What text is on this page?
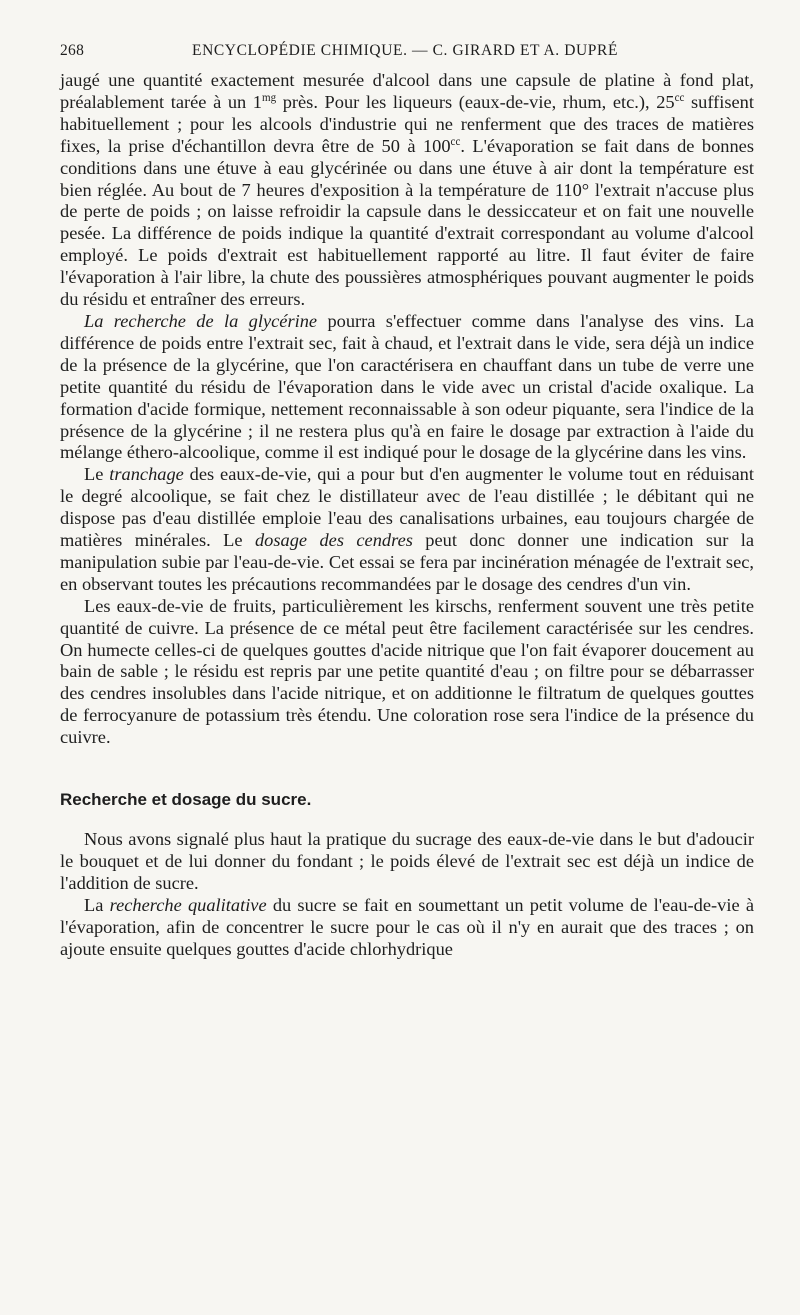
268	ENCYCLOPÉDIE CHIMIQUE. — C. GIRARD ET A. DUPRÉ

jaugé une quantité exactement mesurée d'alcool dans une capsule de platine à fond plat, préalablement tarée à un $1^{mg}$ près. Pour les liqueurs (eaux-de-vie, rhum, etc.), $25^{cc}$ suffisent habituellement ; pour les alcools d'industrie qui ne renferment que des traces de matières fixes, la prise d'échantillon devra être de 50 à $100^{cc}$. L'évaporation se fait dans de bonnes conditions dans une étuve à eau glycérinée ou dans une étuve à air dont la température est bien réglée. Au bout de 7 heures d'exposition à la température de 110° l'extrait n'accuse plus de perte de poids ; on laisse refroidir la capsule dans le dessiccateur et on fait une nouvelle pesée. La différence de poids indique la quantité d'extrait correspondant au volume d'alcool employé. Le poids d'extrait est habituellement rapporté au litre. Il faut éviter de faire l'évaporation à l'air libre, la chute des poussières atmosphériques pouvant augmenter le poids du résidu et entraîner des erreurs.

La recherche de la glycérine pourra s'effectuer comme dans l'analyse des vins. La différence de poids entre l'extrait sec, fait à chaud, et l'extrait dans le vide, sera déjà un indice de la présence de la glycérine, que l'on caractérisera en chauffant dans un tube de verre une petite quantité du résidu de l'évaporation dans le vide avec un cristal d'acide oxalique. La formation d'acide formique, nettement reconnaissable à son odeur piquante, sera l'indice de la présence de la glycérine ; il ne restera plus qu'à en faire le dosage par extraction à l'aide du mélange éthero-alcoolique, comme il est indiqué pour le dosage de la glycérine dans les vins.

Le tranchage des eaux-de-vie, qui a pour but d'en augmenter le volume tout en réduisant le degré alcoolique, se fait chez le distillateur avec de l'eau distillée ; le débitant qui ne dispose pas d'eau distillée emploie l'eau des canalisations urbaines, eau toujours chargée de matières minérales. Le dosage des cendres peut donc donner une indication sur la manipulation subie par l'eau-de-vie. Cet essai se fera par incinération ménagée de l'extrait sec, en observant toutes les précautions recommandées par le dosage des cendres d'un vin.

Les eaux-de-vie de fruits, particulièrement les kirschs, renferment souvent une très petite quantité de cuivre. La présence de ce métal peut être facilement caractérisée sur les cendres. On humecte celles-ci de quelques gouttes d'acide nitrique que l'on fait évaporer doucement au bain de sable ; le résidu est repris par une petite quantité d'eau ; on filtre pour se débarrasser des cendres insolubles dans l'acide nitrique, et on additionne le filtratum de quelques gouttes de ferrocyanure de potassium très étendu. Une coloration rose sera l'indice de la présence du cuivre.

Recherche et dosage du sucre.

Nous avons signalé plus haut la pratique du sucrage des eaux-de-vie dans le but d'adoucir le bouquet et de lui donner du fondant ; le poids élevé de l'extrait sec est déjà un indice de l'addition de sucre.

La recherche qualitative du sucre se fait en soumettant un petit volume de l'eau-de-vie à l'évaporation, afin de concentrer le sucre pour le cas où il n'y en aurait que des traces ; on ajoute ensuite quelques gouttes d'acide chlorhydrique
